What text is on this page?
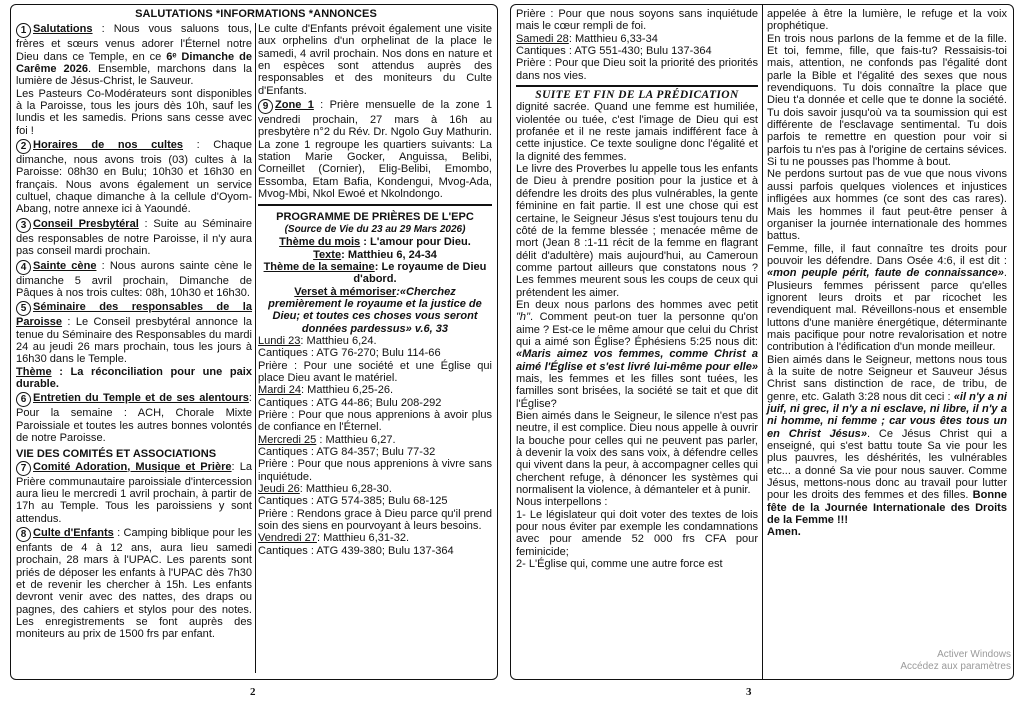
SALUTATIONS *INFORMATIONS *ANNONCES

1 Salutations : Nous vous saluons tous, frères et sœurs venus adorer l'Éternel notre Dieu dans ce Temple, en ce 6ᵉ Dimanche de Carême 2026. Ensemble, marchons dans la lumière de Jésus-Christ, le Sauveur.

Les Pasteurs Co-Modérateurs sont disponibles à la Paroisse, tous les jours dès 10h, sauf les lundis et les samedis. Prions sans cesse avec foi !

2 Horaires de nos cultes : Chaque dimanche, nous avons trois (03) cultes à la Paroisse: 08h30 en Bulu; 10h30 et 16h30 en français. Nous avons également un service cultuel, chaque dimanche à la cellule d'Oyom-Abang, notre annexe ici à Yaoundé.

3 Conseil Presbytéral : Suite au Séminaire des responsables de notre Paroisse, il n'y aura pas conseil mardi prochain.

4 Sainte cène : Nous aurons sainte cène le dimanche 5 avril prochain, Dimanche de Pâques à nos trois cultes: 08h, 10h30 et 16h30.

5 Séminaire des responsables de la Paroisse : Le Conseil presbytéral annonce la tenue du Séminaire des Responsables du mardi 24 au jeudi 26 mars prochain, tous les jours à 16h30 dans le Temple.

Thème : La réconciliation pour une paix durable.

6 Entretien du Temple et de ses alentours: Pour la semaine : ACH, Chorale Mixte Paroissiale et toutes les autres bonnes volontés de notre Paroisse.

VIE DES COMITÉS ET ASSOCIATIONS

7 Comité Adoration, Musique et Prière: La Prière communautaire paroissiale d'intercession aura lieu le mercredi 1 avril prochain, à partir de 17h au Temple. Tous les paroissiens y sont attendus.

8 Culte d'Enfants : Camping biblique pour les enfants de 4 à 12 ans, aura lieu samedi prochain, 28 mars à l'UPAC. Les parents sont priés de déposer les enfants à l'UPAC dès 7h30 et de revenir les chercher à 15h. Les enfants devront venir avec des nattes, des draps ou pagnes, des cahiers et stylos pour des notes. Les enregistrements se font auprès des moniteurs au prix de 1500 frs par enfant.

Le culte d'Enfants prévoit également une visite aux orphelins d'un orphelinat de la place le samedi, 4 avril prochain. Nos dons en nature et en espèces sont attendus auprès des responsables et des moniteurs du Culte d'Enfants.

9 Zone 1 : Prière mensuelle de la zone 1 vendredi prochain, 27 mars à 16h au presbytère n°2 du Rév. Dr. Ngolo Guy Mathurin. La zone 1 regroupe les quartiers suivants: La station Marie Gocker, Anguissa, Belibi, Corneillet (Cornier), Elig-Belibi, Emombo, Essomba, Etam Bafia, Kondengui, Mvog-Ada, Mvog-Mbi, Nkol Ewoé et Nkolndongo.

PROGRAMME DE PRIÈRES DE L'EPC

(Source de Vie du 23 au 29 Mars 2026)

Thème du mois : L'amour pour Dieu.

Texte: Matthieu 6, 24-34

Thème de la semaine: Le royaume de Dieu d'abord.

Verset à mémoriser:«Cherchez premièrement le royaume et la justice de Dieu; et toutes ces choses vous seront données pardessus» v.6, 33

Lundi 23: Matthieu 6,24.

Cantiques : ATG 76-270; Bulu 114-66

Prière : Pour une société et une Église qui place Dieu avant le matériel.

Mardi 24: Matthieu 6,25-26.

Cantiques : ATG 44-86; Bulu 208-292

Prière : Pour que nous apprenions à avoir plus de confiance en l'Éternel.

Mercredi 25 : Matthieu 6,27.

Cantiques : ATG 84-357; Bulu 77-32

Prière : Pour que nous apprenions à vivre sans inquiétude.

Jeudi 26: Matthieu 6,28-30.

Cantiques : ATG 574-385; Bulu 68-125

Prière : Rendons grace à Dieu parce qu'il prend soin des siens en pourvoyant à leurs besoins.

Vendredi 27: Matthieu 6,31-32.

Cantiques : ATG 439-380; Bulu 137-364

2

Prière : Pour que nous soyons sans inquiétude mais le cœur rempli de foi.

Samedi 28: Matthieu 6,33-34

Cantiques : ATG 551-430; Bulu 137-364

Prière : Pour que Dieu soit la priorité des priorités dans nos vies.

SUITE ET FIN DE LA PRÉDICATION

dignité sacrée. Quand une femme est humiliée, violentée ou tuée, c'est l'image de Dieu qui est profanée et il ne reste jamais indifférent face à cette injustice. Ce texte souligne donc l'égalité et la dignité des femmes.

Le livre des Proverbes lu appelle tous les enfants de Dieu à prendre position pour la justice et à défendre les droits des plus vulnérables, la gente féminine en fait partie. Il est une chose qui est certaine, le Seigneur Jésus s'est toujours tenu du côté de la femme blessée ; menacée même de mort (Jean 8 :1-11 récit de la femme en flagrant délit d'adultère) mais aujourd'hui, au Cameroun comme partout ailleurs que constatons nous ? Les femmes meurent sous les coups de ceux qui prétendent les aimer.

En deux nous parlons des hommes avec petit "h". Comment peut-on tuer la personne qu'on aime ? Est-ce le même amour que celui du Christ qui a aimé son Église? Éphésiens 5:25 nous dit: «Maris aimez vos femmes, comme Christ a aimé l'Église et s'est livré lui-même pour elle» mais, les femmes et les filles sont tuées, les familles sont brisées, la société se tait et que dit l'Église?

Bien aimés dans le Seigneur, le silence n'est pas neutre, il est complice. Dieu nous appelle à ouvrir la bouche pour celles qui ne peuvent pas parler, à devenir la voix des sans voix, à défendre celles qui vivent dans la peur, à accompagner celles qui cherchent refuge, à dénoncer les systèmes qui normalisent la violence, à démanteler et à punir.

Nous interpellons :

1- Le législateur qui doit voter des textes de lois pour nous éviter par exemple les condamnations avec pour amende 52 000 frs CFA pour feminicide;

2- L'Église qui, comme une autre force est

appelée à être la lumière, le refuge et la voix prophétique.

En trois nous parlons de la femme et de la fille. Et toi, femme, fille, que fais-tu? Ressaisis-toi mais, attention, ne confonds pas l'égalité dont parle la Bible et l'égalité des sexes que nous revendiquons. Tu dois connaître la place que Dieu t'a donnée et celle que te donne la société. Tu dois savoir jusqu'où va ta soumission qui est différente de l'esclavage sentimental. Tu dois parfois te remettre en question pour voir si parfois tu n'es pas à l'origine de certains sévices. Si tu ne pousses pas l'homme à bout.

Ne perdons surtout pas de vue que nous vivons aussi parfois quelques violences et injustices infligées aux hommes (ce sont des cas rares). Mais les hommes il faut peut-être penser à organiser la journée internationale des hommes battus.

Femme, fille, il faut connaître tes droits pour pouvoir les défendre. Dans Osée 4:6, il est dit : «mon peuple périt, faute de connaissance». Plusieurs femmes périssent parce qu'elles ignorent leurs droits et par ricochet les revendiquent mal. Réveillons-nous et ensemble luttons d'une manière énergétique, déterminante mais pacifique pour notre revalorisation et notre contribution à l'édification d'un monde meilleur.

Bien aimés dans le Seigneur, mettons nous tous à la suite de notre Seigneur et Sauveur Jésus Christ sans distinction de race, de tribu, de genre, etc. Galath 3:28 nous dit ceci : «il n'y a ni juif, ni grec, il n'y a ni esclave, ni libre, il n'y a ni homme, ni femme ; car vous êtes tous un en Christ Jésus». Ce Jésus Christ qui a enseigné, qui s'est battu toute Sa vie pour les plus pauvres, les déshérités, les vulnérables etc... a donné Sa vie pour nous sauver. Comme Jésus, mettons-nous donc au travail pour lutter pour les droits des femmes et des filles. Bonne fête de la Journée Internationale des Droits de la Femme !!!

Amen.

Activer Windows
Accédez aux paramètres
3
